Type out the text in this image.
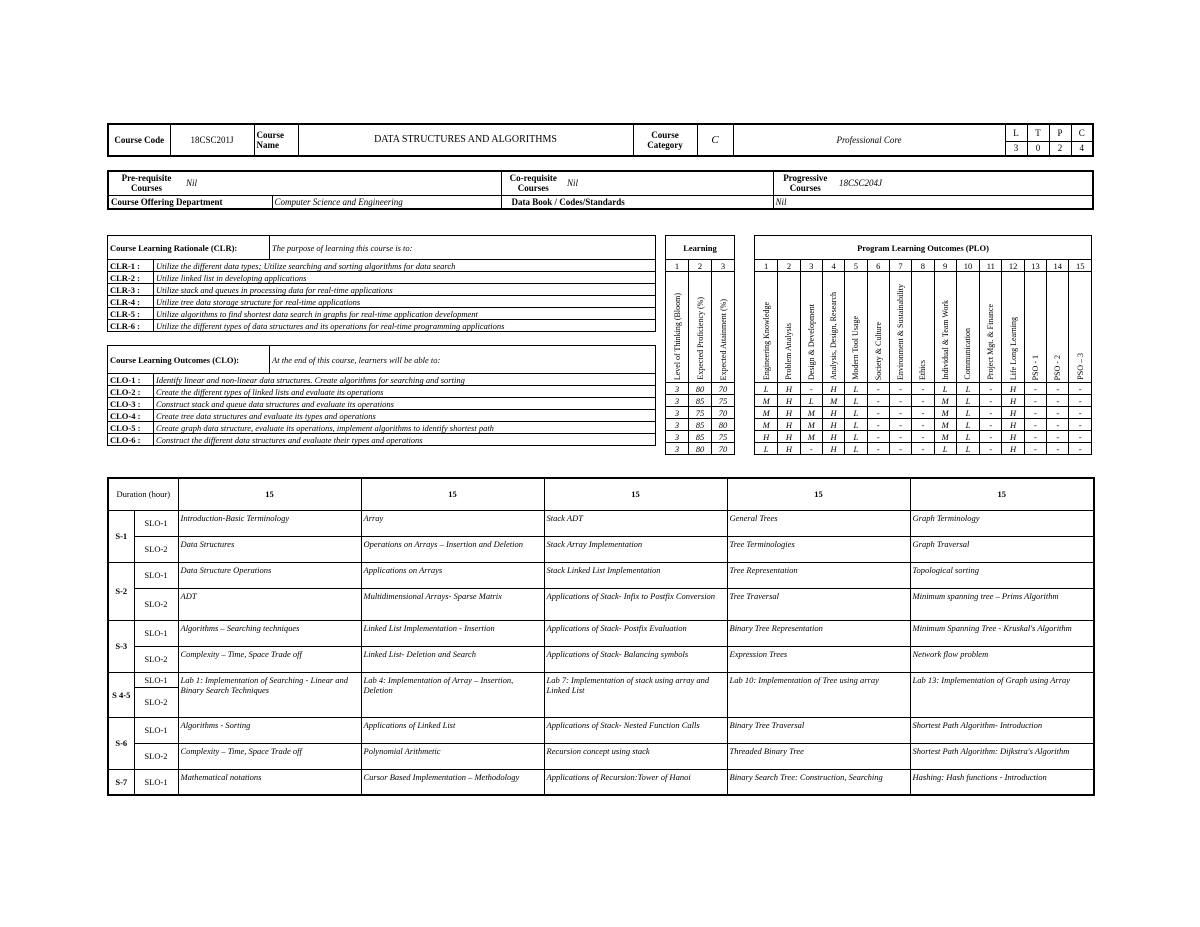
Course Code	18CSC201J	Course Name	DATA STRUCTURES AND ALGORITHMS	Course Category	C	Professional Core	L	T	P	C
							3	0	2	4
Pre-requisite Courses	Nil		Co-requisite Courses	Nil	Progressive Courses	18CSC204J
Course Offering Department		Computer Science and Engineering	Data Book / Codes/Standards		Nil	
Course Learning Rationale (CLR):		The purpose of learning this course is to:
CLR-1 :	Utilize the different data types; Utilize searching and sorting algorithms for data search	
CLR-2 :	Utilize linked list in developing applications	
CLR-3 :	Utilize stack and queues in processing data for real-time applications	
CLR-4 :	Utilize tree data storage structure for real-time applications	
CLR-5 :	Utilize algorithms to find shortest data search in graphs for real-time application development	
CLR-6 :	Utilize the different types of data structures and its operations for real-time programming applications	

Course Learning Outcomes (CLO):		At the end of this course, learners will be able to:
CLO-1 :	Identify linear and non-linear data structures. Create algorithms for searching and sorting	
CLO-2 :	Create the different types of linked lists and evaluate its operations	
CLO-3 :	Construct stack and queue data structures and evaluate its operations	
CLO-4 :	Create tree data structures and evaluate its types and operations	
CLO-5 :	Create graph data structure, evaluate its operations, implement algorithms to identify shortest path	
CLO-6 :	Construct the different data structures and evaluate their types and operations	
Learning		
1	2	3
Level of Thinking (Bloom)	Expected Proficiency (%)	Expected Attainment (%)
3	80	70
3	85	75
3	75	70
3	85	80
3	85	75
3	80	70
Program Learning Outcomes (PLO)														
1	2	3	4	5	6	7	8	9	10	11	12	13	14	15
Engineering Knowledge	Problem Analysis	Design & Development	Analysis, Design, Research	Modern Tool Usage	Society & Culture	Environment & Sustainability	Ethics	Individual & Team Work	Communication	Project Mgt. & Finance	Life Long Learning	PSO - 1	PSO - 2	PSO – 3
L	H	-	H	L	-	-	-	L	L	-	H	-	-	-
M	H	L	M	L	-	-	-	M	L	-	H	-	-	-
M	H	M	H	L	-	-	-	M	L	-	H	-	-	-
M	H	M	H	L	-	-	-	M	L	-	H	-	-	-
H	H	M	H	L	-	-	-	M	L	-	H	-	-	-
L	H	-	H	L	-	-	-	L	L	-	H	-	-	-
Duration (hour)		15	15	15	15	15
S-1	SLO-1	Introduction-Basic Terminology	Array	Stack ADT	General Trees	Graph Terminology
	SLO-2	Data Structures	Operations on Arrays – Insertion and Deletion	Stack Array Implementation	Tree Terminologies	Graph Traversal
S-2	SLO-1	Data Structure Operations	Applications on Arrays	Stack Linked List Implementation	Tree Representation	Topological sorting
	SLO-2	ADT	Multidimensional Arrays- Sparse Matrix	Applications of Stack- Infix to Postfix Conversion	Tree Traversal	Minimum spanning tree – Prims Algorithm
S-3	SLO-1	Algorithms – Searching techniques	Linked List Implementation - Insertion	Applications of Stack- Postfix Evaluation	Binary Tree Representation	Minimum Spanning Tree - Kruskal's Algorithm
	SLO-2	Complexity – Time, Space Trade off	Linked List- Deletion and Search	Applications of Stack- Balancing symbols	Expression Trees	Network flow problem
S 4-5	SLO-1	Lab 1: Implementation of Searching - Linear and Binary Search Techniques	Lab 4: Implementation of Array – Insertion, Deletion	Lab 7: Implementation of stack using array and Linked List	Lab 10: Implementation of Tree using array	Lab 13: Implementation of Graph using Array
	SLO-2					
S-6	SLO-1	Algorithms - Sorting	Applications of Linked List	Applications of Stack- Nested Function Calls	Binary Tree Traversal	Shortest Path Algorithm- Introduction
	SLO-2	Complexity – Time, Space Trade off	Polynomial Arithmetic	Recursion concept using stack	Threaded Binary Tree	Shortest Path Algorithm: Dijkstra's Algorithm
S-7	SLO-1	Mathematical notations	Cursor Based Implementation – Methodology	Applications of Recursion:Tower of Hanoi	Binary Search Tree: Construction, Searching	Hashing: Hash functions - Introduction
